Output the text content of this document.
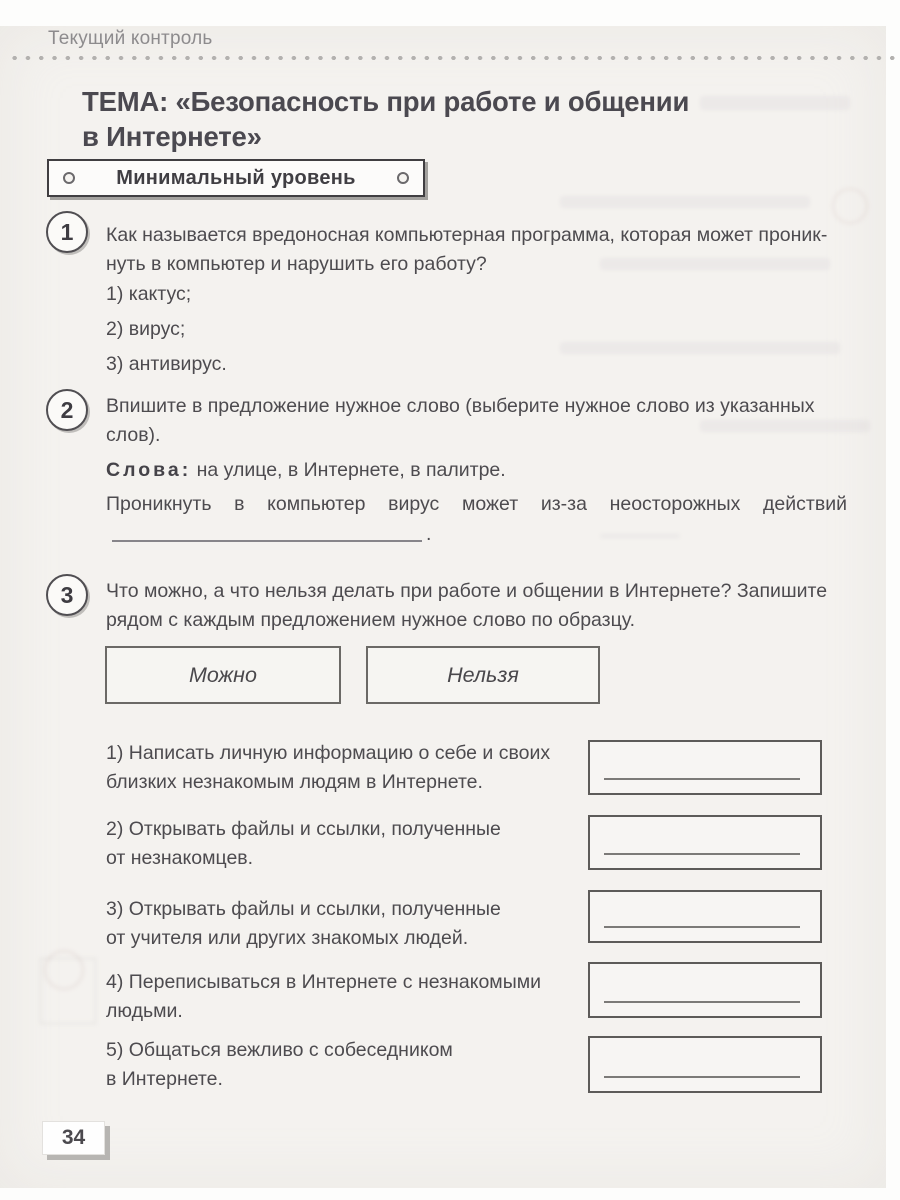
Текущий контроль
ТЕМА: «Безопасность при работе и общении
в Интернете»
Минимальный уровень
1 Как называется вредоносная компьютерная программа, которая может проник-
нуть в компьютер и нарушить его работу?
1) кактус;
2) вирус;
3) антивирус.
2 Впишите в предложение нужное слово (выберите нужное слово из указанных
слов).
Слова: на улице, в Интернете, в палитре.
Проникнуть в компьютер вирус может из-за неосторожных действий
.
3 Что можно, а что нельзя делать при работе и общении в Интернете? Запишите
рядом с каждым предложением нужное слово по образцу.
Можно	Нельзя
1) Написать личную информацию о себе и своих
близких незнакомым людям в Интернете.
2) Открывать файлы и ссылки, полученные
от незнакомцев.
3) Открывать файлы и ссылки, полученные
от учителя или других знакомых людей.
4) Переписываться в Интернете с незнакомыми
людьми.
5) Общаться вежливо с собеседником
в Интернете.
34
